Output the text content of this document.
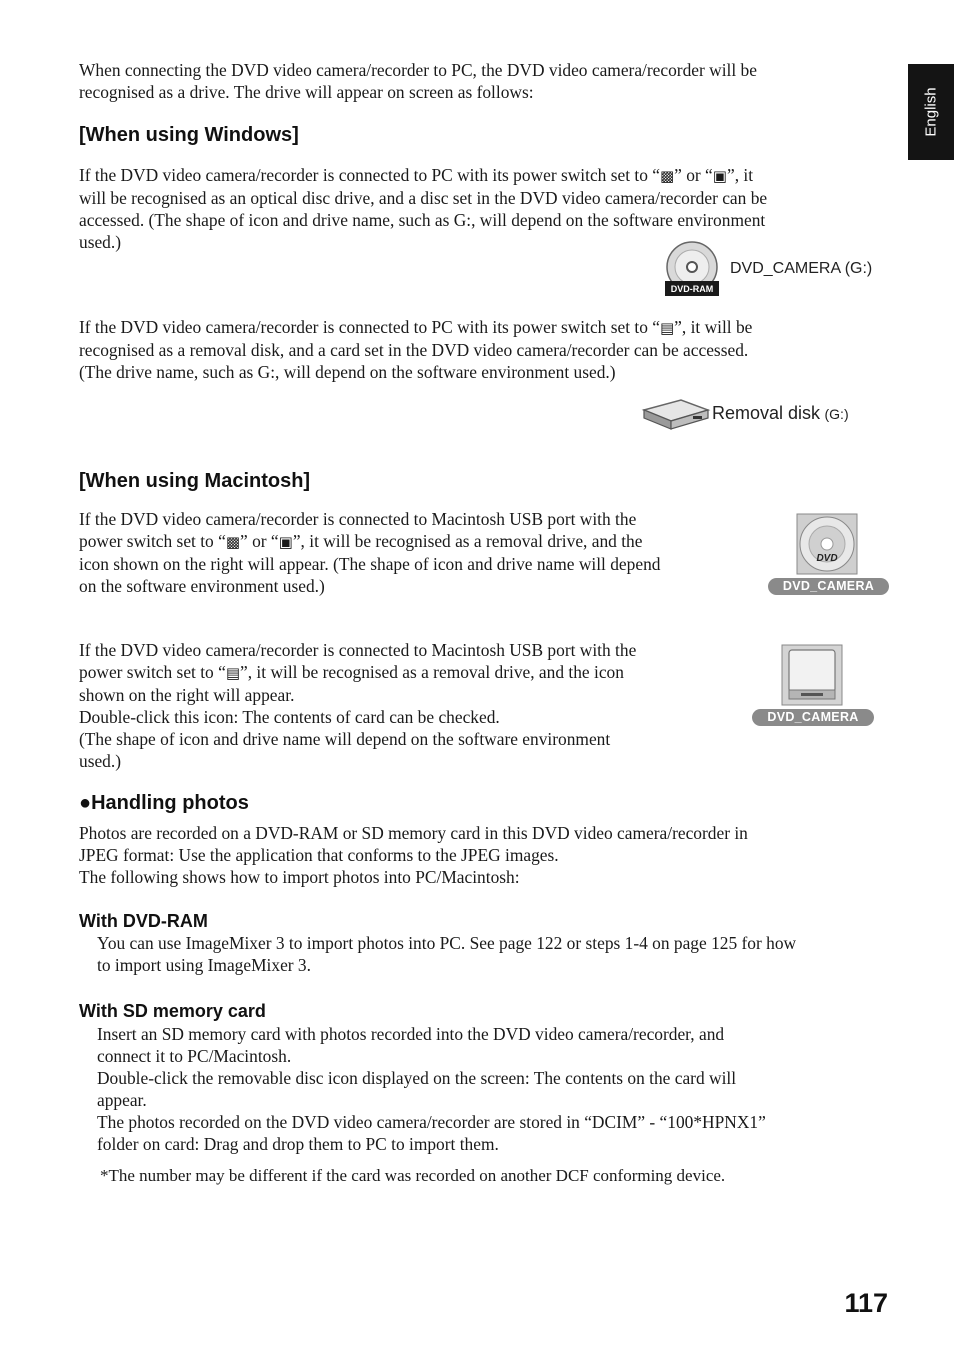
English
When connecting the DVD video camera/recorder to PC, the DVD video camera/recorder will be
recognised as a drive. The drive will appear on screen as follows:
[When using Windows]
If the DVD video camera/recorder is connected to PC with its power switch set to “▩” or “▣”, it
will be recognised as an optical disc drive, and a disc set in the DVD video camera/recorder can be
accessed. (The shape of icon and drive name, such as G:, will depend on the software environment
used.)
DVD-RAM
DVD_CAMERA (G:)
If the DVD video camera/recorder is connected to PC with its power switch set to “▤”, it will be
recognised as a removal disk, and a card set in the DVD video camera/recorder can be accessed.
(The drive name, such as G:, will depend on the software environment used.)
Removal disk (G:)
[When using Macintosh]
If the DVD video camera/recorder is connected to Macintosh USB port with the
power switch set to “▩” or “▣”, it will be recognised as a removal drive, and the
icon shown on the right will appear. (The shape of icon and drive name will depend
on the software environment used.)
DVD
DVD_CAMERA
If the DVD video camera/recorder is connected to Macintosh USB port with the
power switch set to “▤”, it will be recognised as a removal drive, and the icon
shown on the right will appear.
Double-click this icon: The contents of card can be checked.
(The shape of icon and drive name will depend on the software environment
used.)
DVD_CAMERA
●Handling photos
Photos are recorded on a DVD-RAM or SD memory card in this DVD video camera/recorder in
JPEG format: Use the application that conforms to the JPEG images.
The following shows how to import photos into PC/Macintosh:
With DVD-RAM
You can use ImageMixer 3 to import photos into PC. See page 122 or steps 1-4 on page 125 for how
to import using ImageMixer 3.
With SD memory card
Insert an SD memory card with photos recorded into the DVD video camera/recorder, and
connect it to PC/Macintosh.
Double-click the removable disc icon displayed on the screen: The contents on the card will
appear.
The photos recorded on the DVD video camera/recorder are stored in “DCIM” - “100*HPNX1”
folder on card: Drag and drop them to PC to import them.
*The number may be different if the card was recorded on another DCF conforming device.
117
